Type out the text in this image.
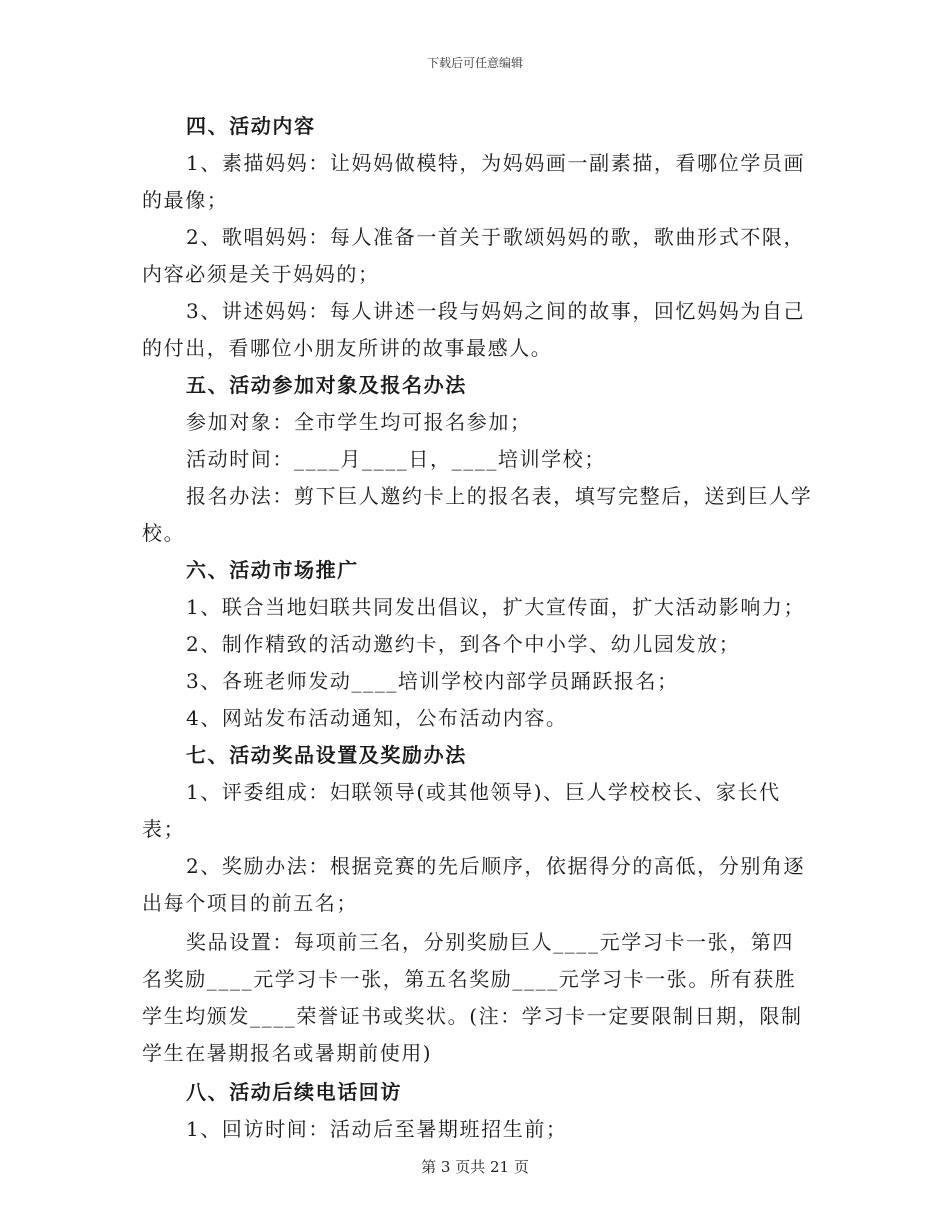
下载后可任意编辑

四、活动内容

1、素描妈妈：让妈妈做模特，为妈妈画一副素描，看哪位学员画的最像；

2、歌唱妈妈：每人准备一首关于歌颂妈妈的歌，歌曲形式不限，内容必须是关于妈妈的；

3、讲述妈妈：每人讲述一段与妈妈之间的故事，回忆妈妈为自己的付出，看哪位小朋友所讲的故事最感人。

五、活动参加对象及报名办法

参加对象：全市学生均可报名参加；

活动时间：____月____日，____培训学校；

报名办法：剪下巨人邀约卡上的报名表，填写完整后，送到巨人学校。

六、活动市场推广

1、联合当地妇联共同发出倡议，扩大宣传面，扩大活动影响力；

2、制作精致的活动邀约卡，到各个中小学、幼儿园发放；

3、各班老师发动____培训学校内部学员踊跃报名；

4、网站发布活动通知，公布活动内容。

七、活动奖品设置及奖励办法

1、评委组成：妇联领导(或其他领导)、巨人学校校长、家长代表；

2、奖励办法：根据竞赛的先后顺序，依据得分的高低，分别角逐出每个项目的前五名；

奖品设置：每项前三名，分别奖励巨人____元学习卡一张，第四名奖励____元学习卡一张，第五名奖励____元学习卡一张。所有获胜学生均颁发____荣誉证书或奖状。(注：学习卡一定要限制日期，限制学生在暑期报名或暑期前使用)

八、活动后续电话回访

1、回访时间：活动后至暑期班招生前；

第 3 页共 21 页
